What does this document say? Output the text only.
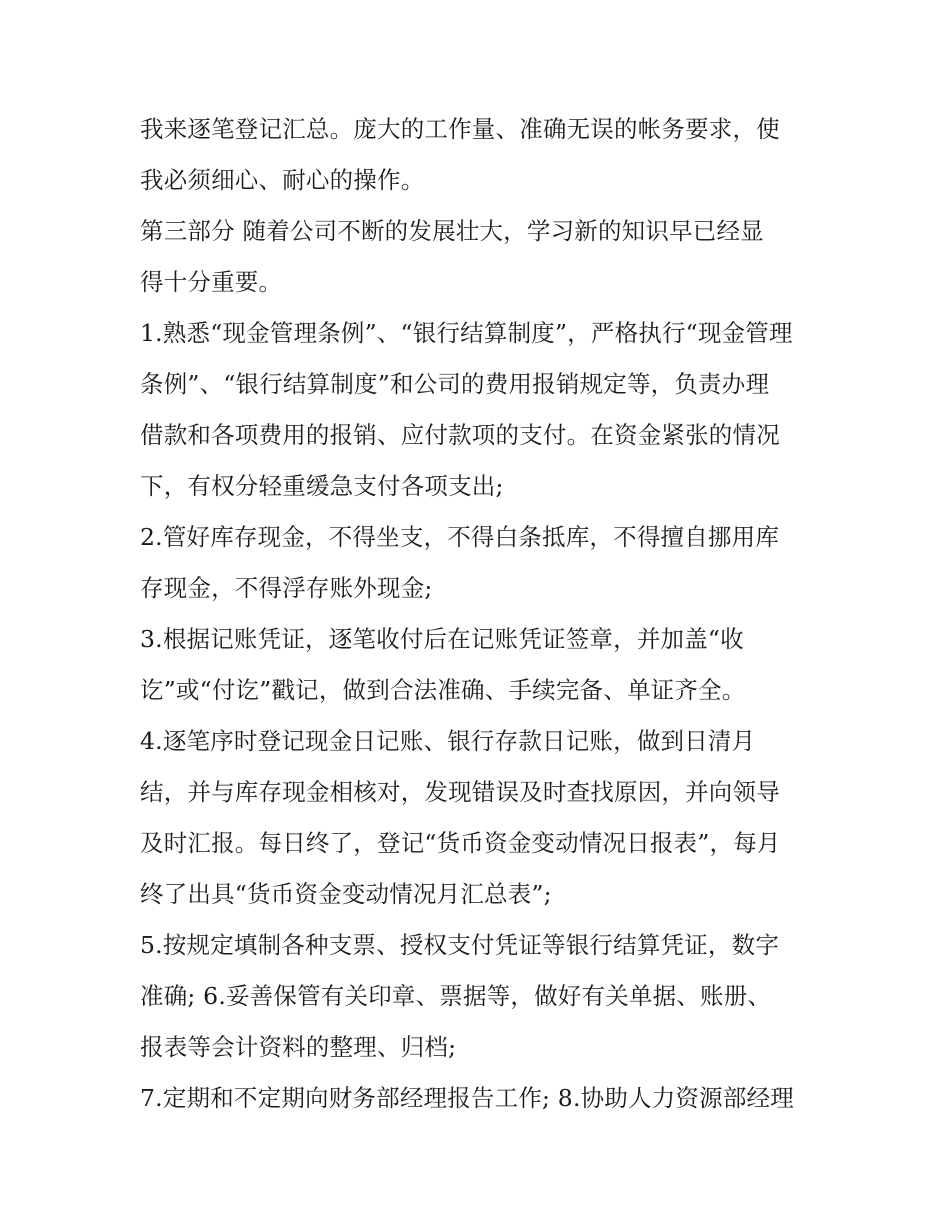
我来逐笔登记汇总。庞大的工作量、准确无误的帐务要求，使
我必须细心、耐心的操作。
第三部分 随着公司不断的发展壮大，学习新的知识早已经显
得十分重要。
1.熟悉“现金管理条例”、“银行结算制度”，严格执行“现金管理
条例”、“银行结算制度”和公司的费用报销规定等，负责办理
借款和各项费用的报销、应付款项的支付。在资金紧张的情况
下，有权分轻重缓急支付各项支出;
2.管好库存现金，不得坐支，不得白条抵库，不得擅自挪用库
存现金，不得浮存账外现金;
3.根据记账凭证，逐笔收付后在记账凭证签章，并加盖“收
讫”或“付讫”戳记，做到合法准确、手续完备、单证齐全。
4.逐笔序时登记现金日记账、银行存款日记账，做到日清月
结，并与库存现金相核对，发现错误及时查找原因，并向领导
及时汇报。每日终了，登记“货币资金变动情况日报表”，每月
终了出具“货币资金变动情况月汇总表”;
5.按规定填制各种支票、授权支付凭证等银行结算凭证，数字
准确; 6.妥善保管有关印章、票据等，做好有关单据、账册、
报表等会计资料的整理、归档;
7.定期和不定期向财务部经理报告工作; 8.协助人力资源部经理
